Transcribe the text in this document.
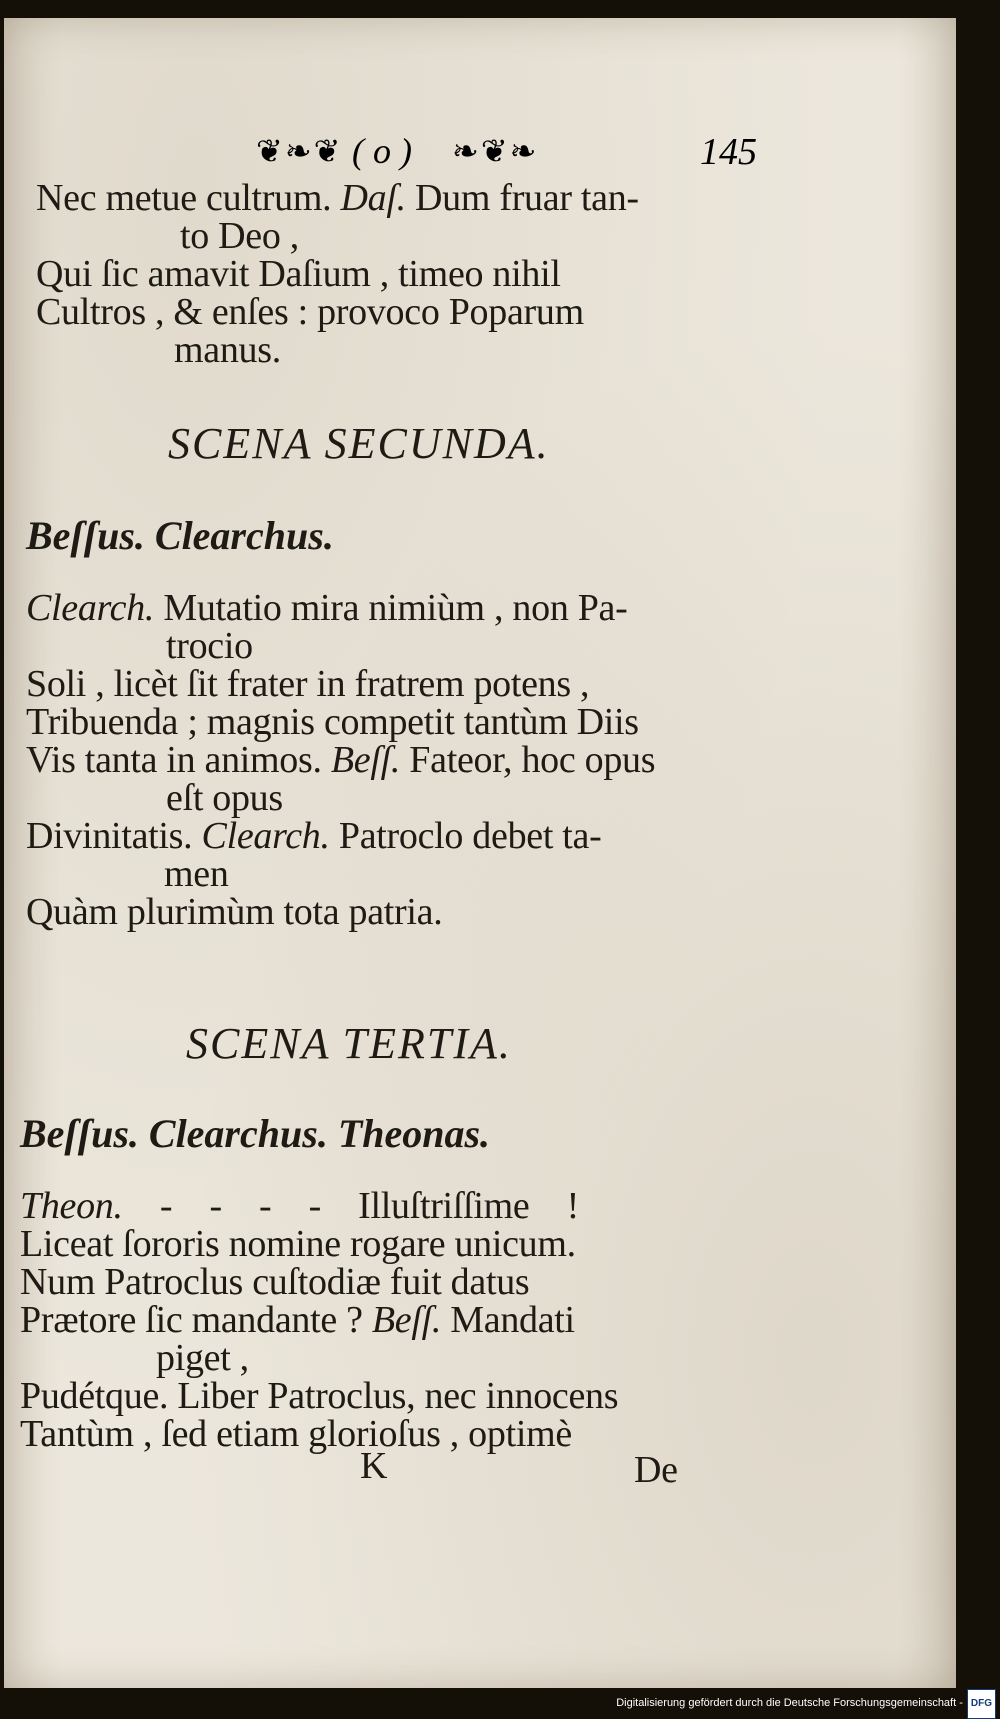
❦❧❦ ( o ) ❧❦❧	145
Nec metue cultrum. Daſ. Dum fruar tan-
to Deo ,
Qui ſic amavit Daſium , timeo nihil
Cultros , & enſes : provoco Poparum
manus.
SCENA SECUNDA.
Beſſus. Clearchus.
Clearch. Mutatio mira nimiùm , non Pa-
trocio
Soli , licèt ſit frater in fratrem potens ,
Tribuenda ; magnis competit tantùm Diis
Vis tanta in animos. Beſſ. Fateor, hoc opus
eſt opus
Divinitatis. Clearch. Patroclo debet ta-
men
Quàm plurimùm tota patria.
SCENA TERTIA.
Beſſus. Clearchus. Theonas.
Theon. - - - - Illuſtriſſime !
Liceat ſororis nomine rogare unicum.
Num Patroclus cuſtodiæ fuit datus
Prætore ſic mandante ? Beſſ. Mandati
piget ,
Pudétque. Liber Patroclus, nec innocens
Tantùm , ſed etiam glorioſus , optimè
K	De
Digitalisierung gefördert durch die Deutsche Forschungsgemeinschaft - DFG
